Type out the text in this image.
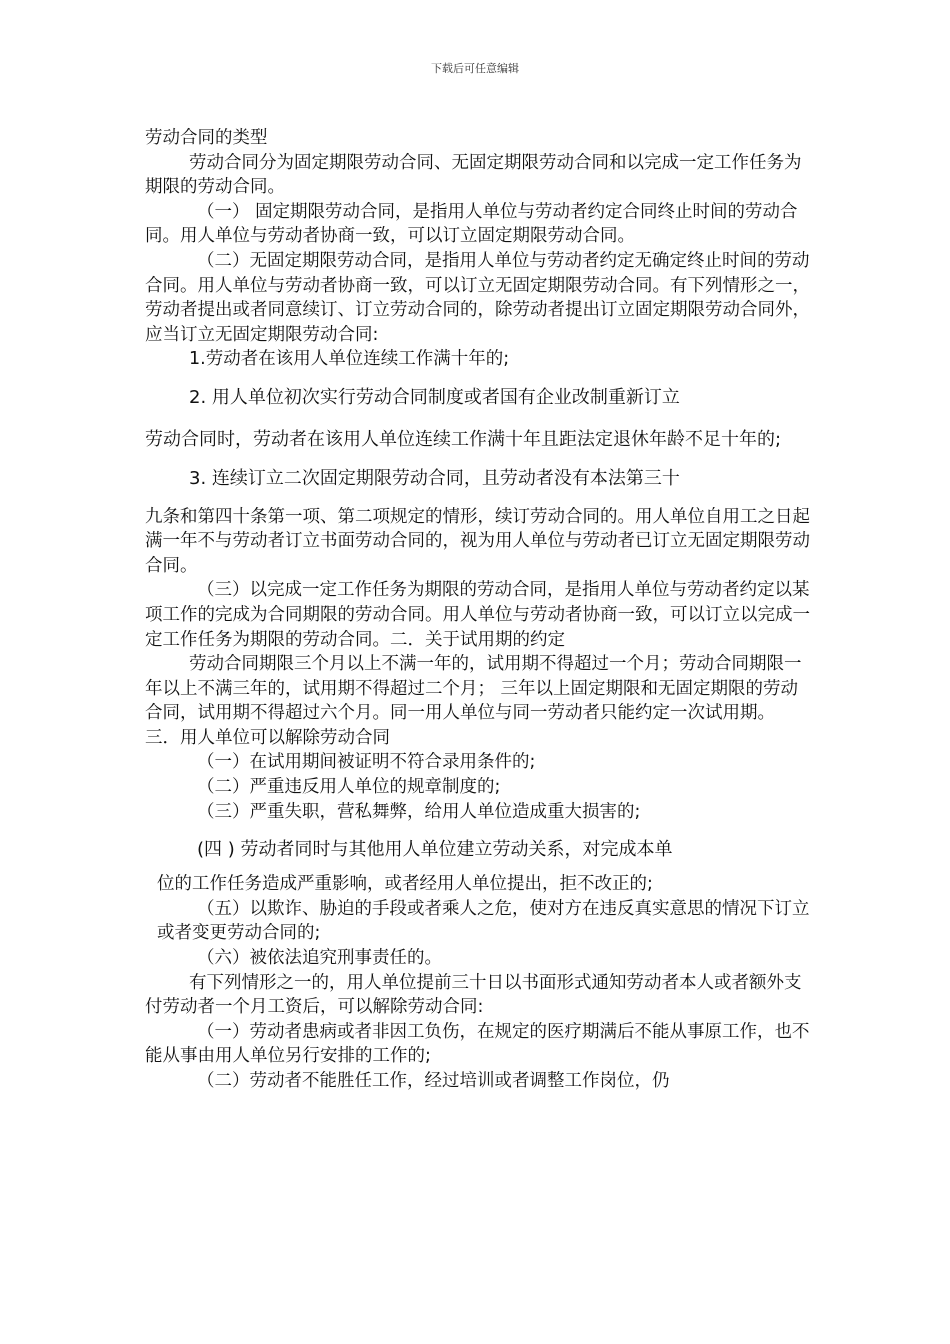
下载后可任意编辑

劳动合同的类型

劳动合同分为固定期限劳动合同、无固定期限劳动合同和以完成一定工作任务为期限的劳动合同。

（一） 固定期限劳动合同，是指用人单位与劳动者约定合同终止时间的劳动合同。用人单位与劳动者协商一致，可以订立固定期限劳动合同。

（二）无固定期限劳动合同，是指用人单位与劳动者约定无确定终止时间的劳动合同。用人单位与劳动者协商一致，可以订立无固定期限劳动合同。有下列情形之一，劳动者提出或者同意续订、订立劳动合同的，除劳动者提出订立固定期限劳动合同外，应当订立无固定期限劳动合同:

1.劳动者在该用人单位连续工作满十年的;

2. 用人单位初次实行劳动合同制度或者国有企业改制重新订立

劳动合同时，劳动者在该用人单位连续工作满十年且距法定退休年龄不足十年的;

3. 连续订立二次固定期限劳动合同，且劳动者没有本法第三十

九条和第四十条第一项、第二项规定的情形，续订劳动合同的。用人单位自用工之日起满一年不与劳动者订立书面劳动合同的，视为用人单位与劳动者已订立无固定期限劳动合同。

（三）以完成一定工作任务为期限的劳动合同，是指用人单位与劳动者约定以某项工作的完成为合同期限的劳动合同。用人单位与劳动者协商一致，可以订立以完成一定工作任务为期限的劳动合同。二．关于试用期的约定

劳动合同期限三个月以上不满一年的，试用期不得超过一个月；劳动合同期限一年以上不满三年的，试用期不得超过二个月； 三年以上固定期限和无固定期限的劳动合同，试用期不得超过六个月。同一用人单位与同一劳动者只能约定一次试用期。

三．用人单位可以解除劳动合同

（一）在试用期间被证明不符合录用条件的;

（二）严重违反用人单位的规章制度的;

（三）严重失职，营私舞弊，给用人单位造成重大损害的;

(四 ) 劳动者同时与其他用人单位建立劳动关系，对完成本单

位的工作任务造成严重影响，或者经用人单位提出，拒不改正的;

（五）以欺诈、胁迫的手段或者乘人之危，使对方在违反真实意思的情况下订立或者变更劳动合同的;

（六）被依法追究刑事责任的。

有下列情形之一的，用人单位提前三十日以书面形式通知劳动者本人或者额外支付劳动者一个月工资后，可以解除劳动合同:

（一）劳动者患病或者非因工负伤，在规定的医疗期满后不能从事原工作，也不能从事由用人单位另行安排的工作的;

（二）劳动者不能胜任工作，经过培训或者调整工作岗位，仍
